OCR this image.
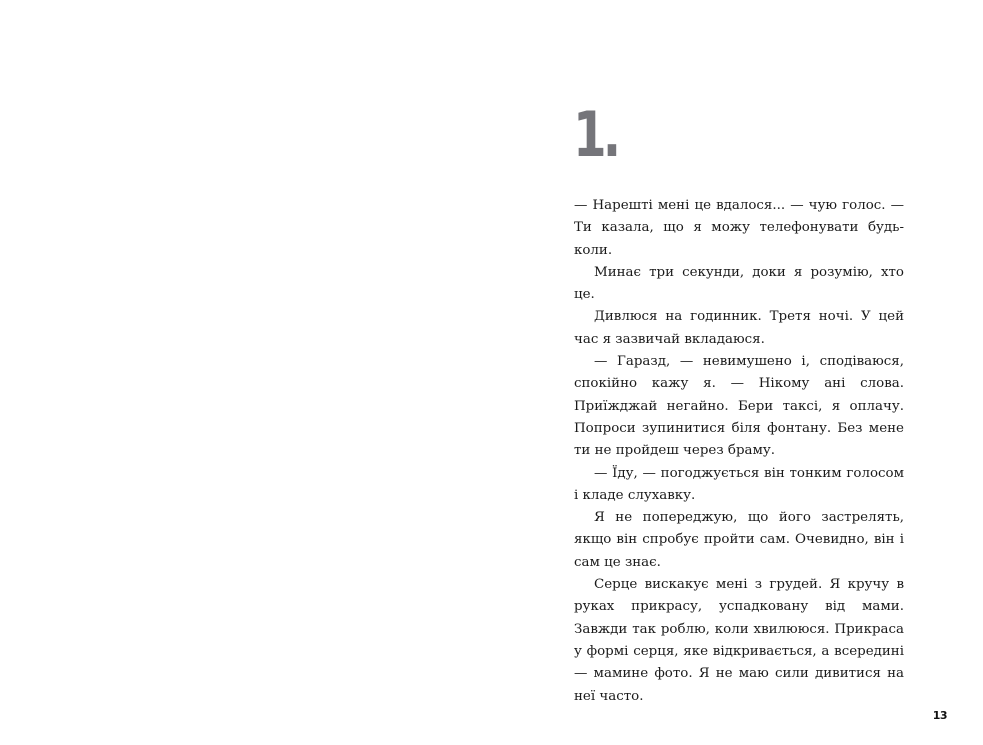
1.

— Нарешті мені це вдалося... — чую голос. — Ти казала, що я можу телефонувати будь-коли.

Минає три секунди, доки я розумію, хто це.

Дивлюся на годинник. Третя ночі. У цей час я зазвичай вкладаюся.

— Гаразд, — невимушено і, сподіваюся, спокійно кажу я. — Нікому ані слова. Приїжджай негайно. Бери таксі, я оплачу. Попроси зупинитися біля фонтану. Без мене ти не пройдеш через браму.

— Їду, — погоджується він тонким голосом і кладе слухавку.

Я не попереджую, що його застрелять, якщо він спробує пройти сам. Очевидно, він і сам це знає.

Серце вискакує мені з грудей. Я кручу в руках прикрасу, успадковану від мами. Завжди так роблю, коли хвилююся. Прикраса у формі серця, яке відкривається, а всередині — мамине фото. Я не маю сили дивитися на неї часто.

13
